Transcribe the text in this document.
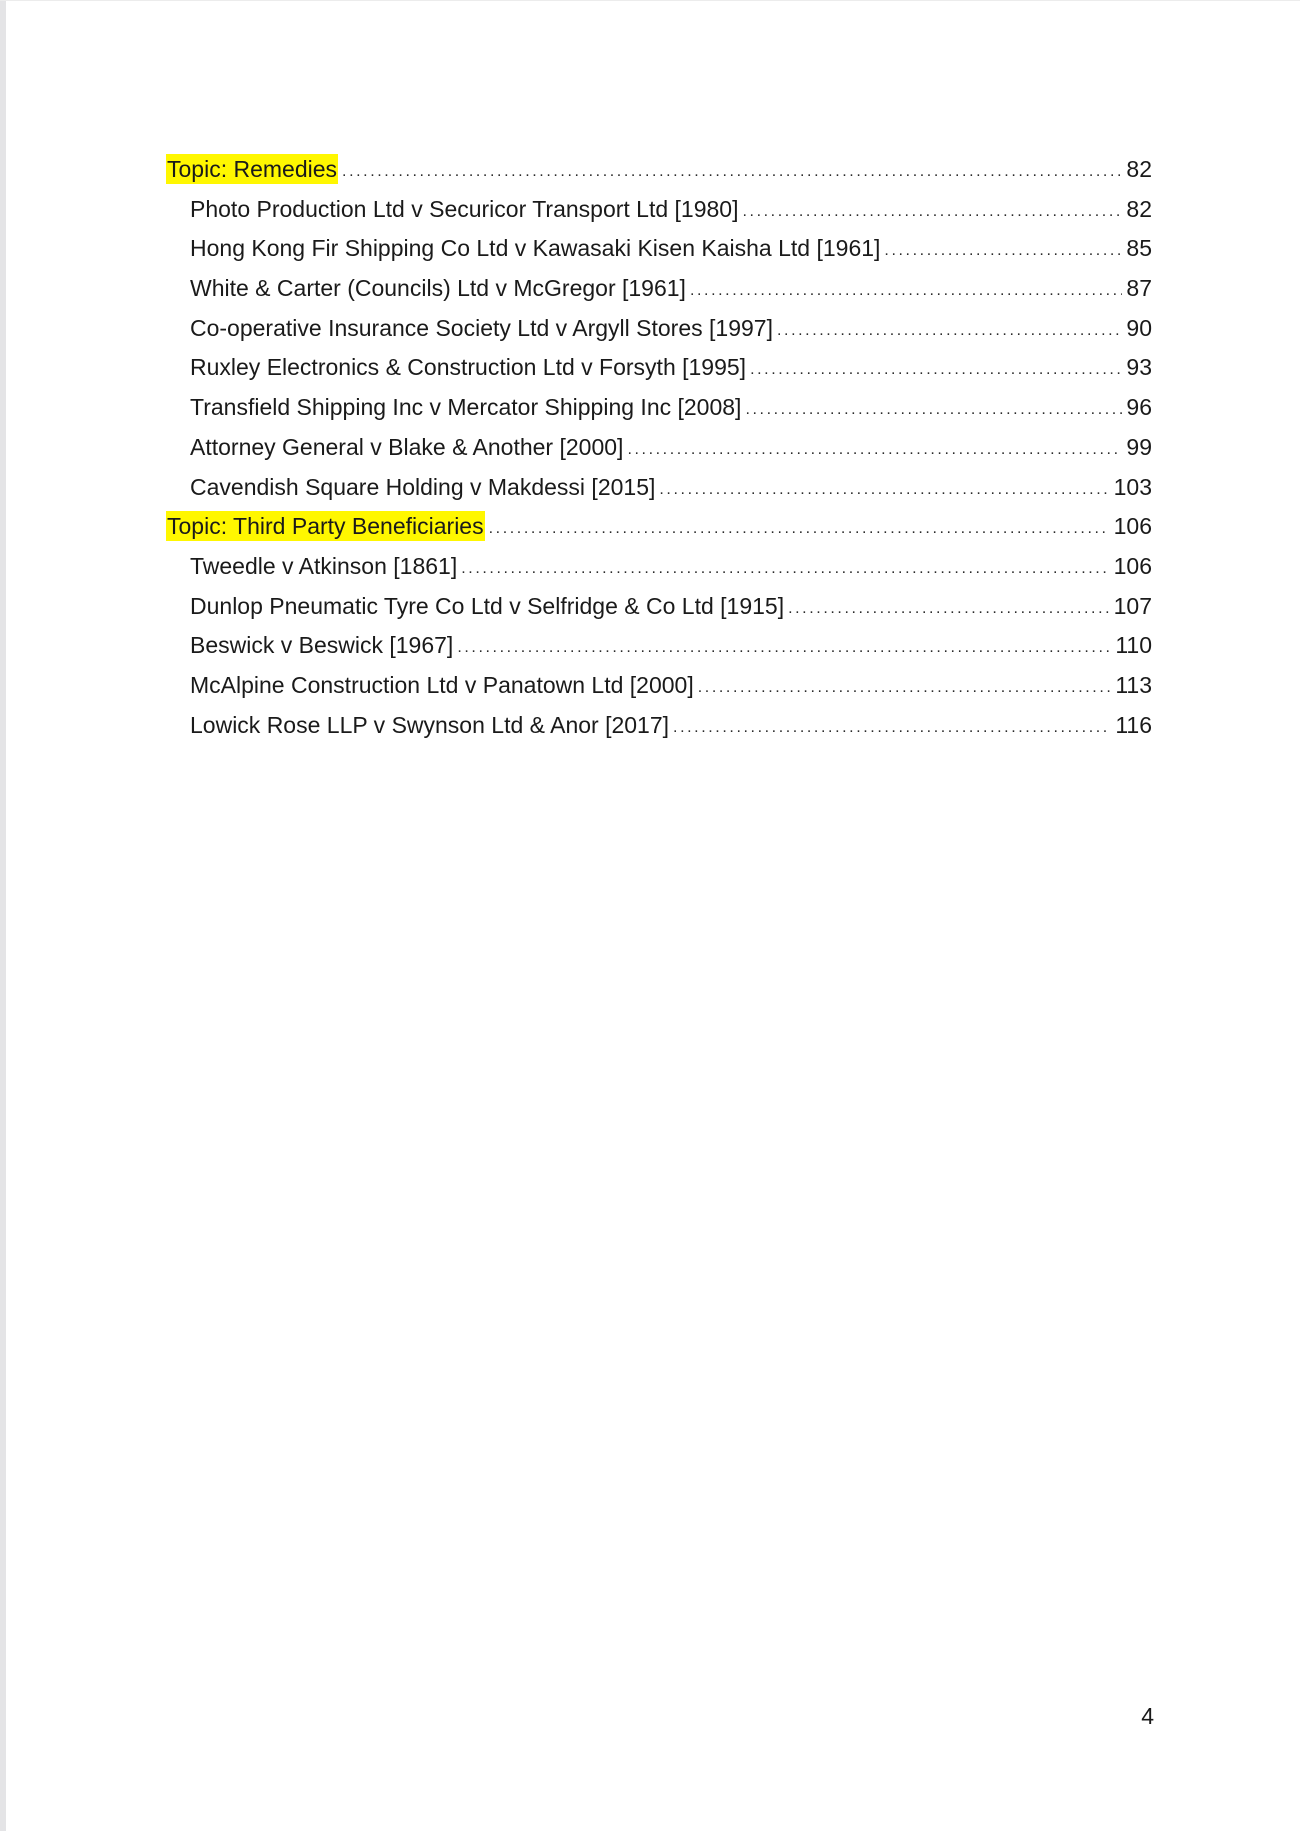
Topic: Remedies .....	82
Photo Production Ltd v Securicor Transport Ltd [1980] .....	82
Hong Kong Fir Shipping Co Ltd v Kawasaki Kisen Kaisha Ltd [1961] .....	85
White & Carter (Councils) Ltd v McGregor [1961] .....	87
Co-operative Insurance Society Ltd v Argyll Stores [1997] .....	90
Ruxley Electronics & Construction Ltd v Forsyth [1995] .....	93
Transfield Shipping Inc v Mercator Shipping Inc [2008] .....	96
Attorney General v Blake & Another [2000] .....	99
Cavendish Square Holding v Makdessi [2015] .....	103
Topic: Third Party Beneficiaries .....	106
Tweedle v Atkinson [1861] .....	106
Dunlop Pneumatic Tyre Co Ltd v Selfridge & Co Ltd [1915] .....	107
Beswick v Beswick [1967] .....	110
McAlpine Construction Ltd v Panatown Ltd [2000] .....	113
Lowick Rose LLP v Swynson Ltd & Anor [2017] .....	116
4
